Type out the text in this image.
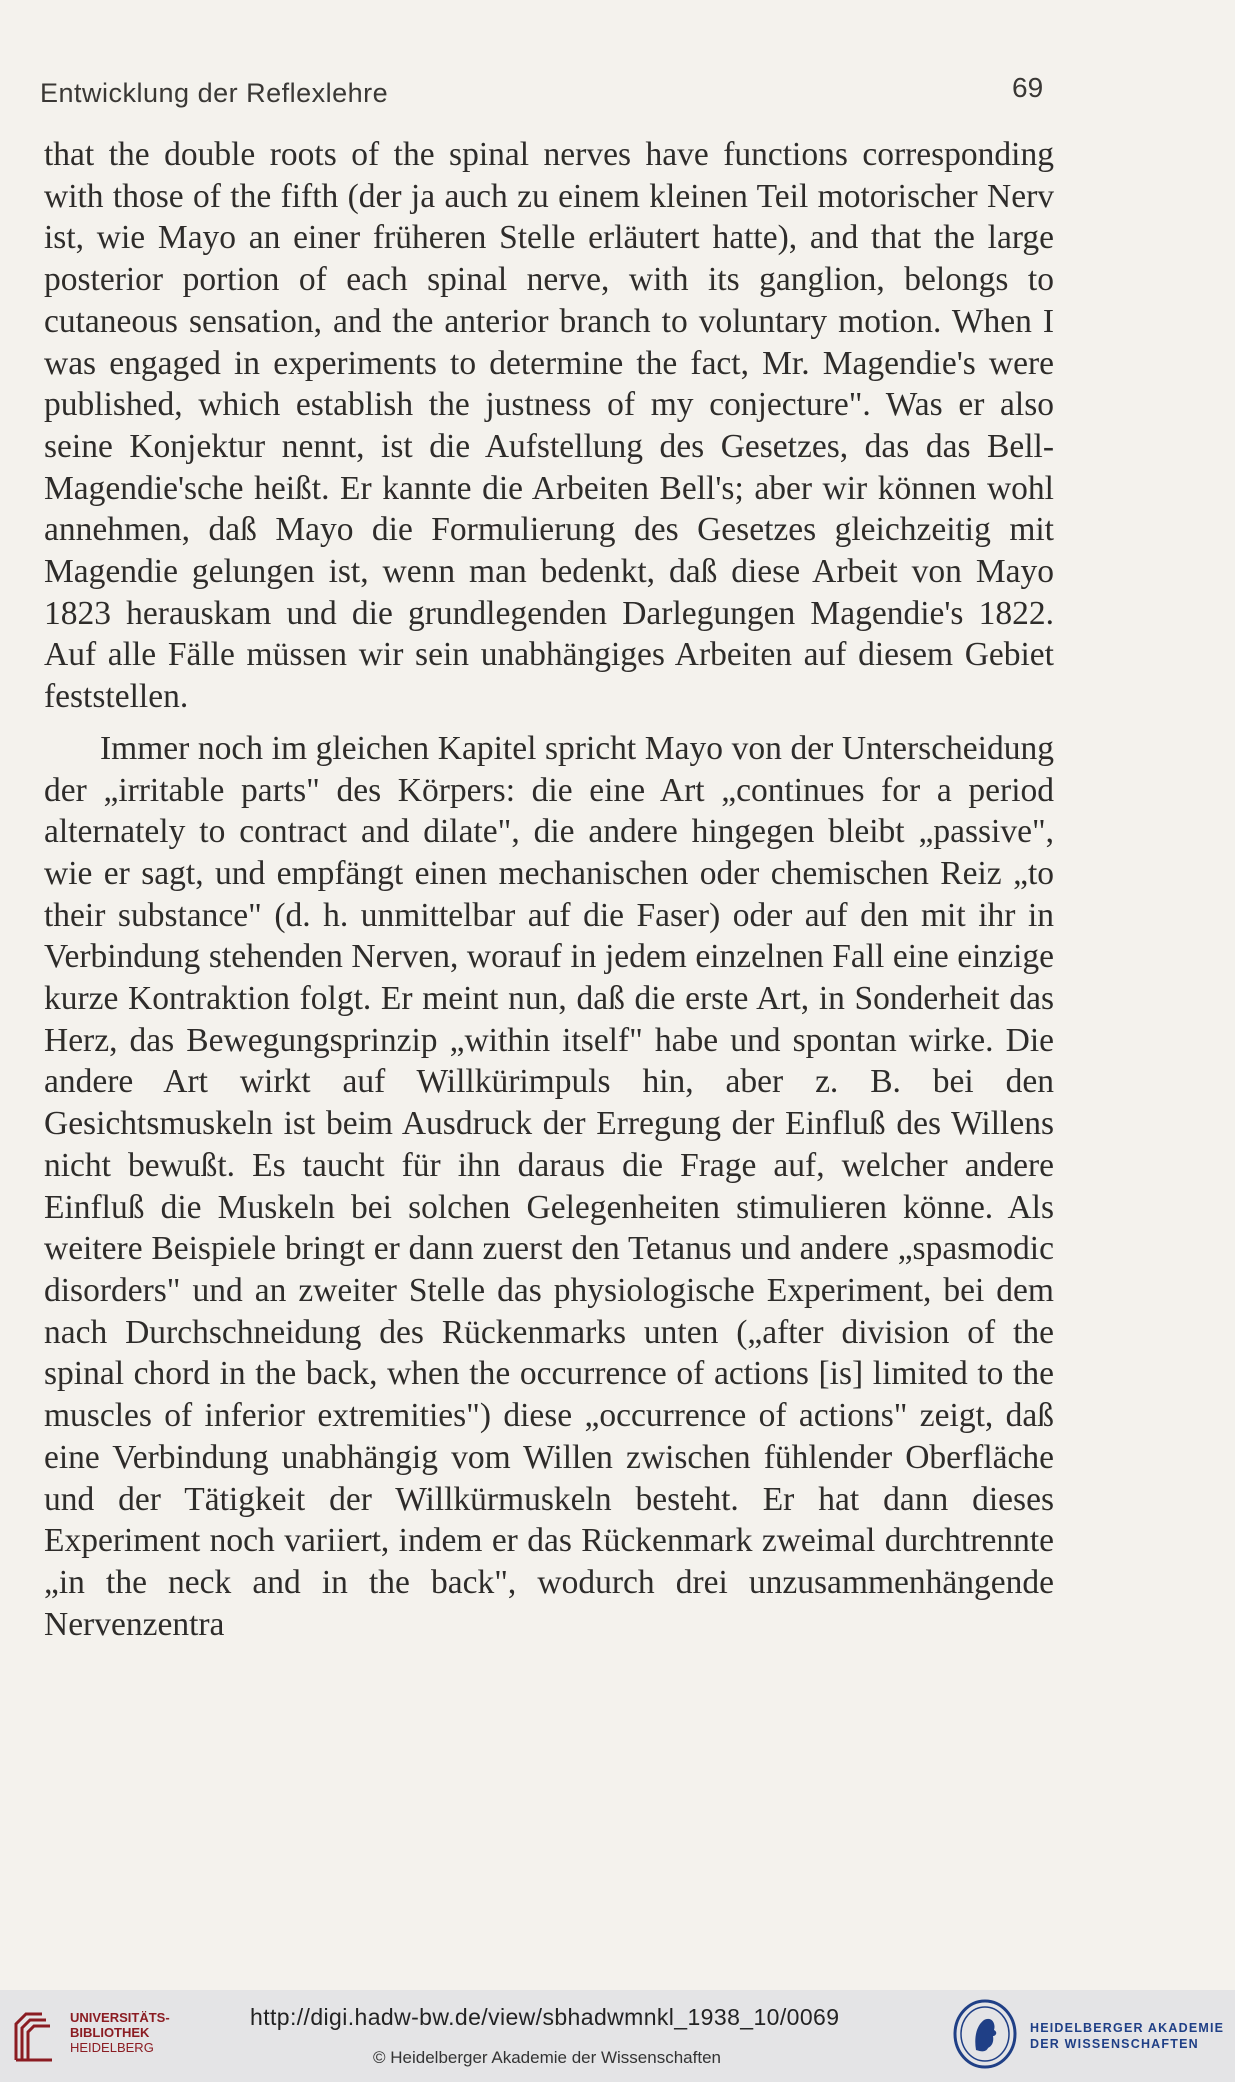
Entwicklung der Reflexlehre	69

that the double roots of the spinal nerves have functions corresponding with those of the fifth (der ja auch zu einem kleinen Teil motorischer Nerv ist, wie Mayo an einer früheren Stelle erläutert hatte), and that the large posterior portion of each spinal nerve, with its ganglion, belongs to cutaneous sensation, and the anterior branch to voluntary motion. When I was engaged in experiments to determine the fact, Mr. Magendie's were published, which establish the justness of my conjecture". Was er also seine Konjektur nennt, ist die Aufstellung des Gesetzes, das das Bell-Magendie'sche heißt. Er kannte die Arbeiten Bell's; aber wir können wohl annehmen, daß Mayo die Formulierung des Gesetzes gleichzeitig mit Magendie gelungen ist, wenn man bedenkt, daß diese Arbeit von Mayo 1823 herauskam und die grundlegenden Darlegungen Magendie's 1822. Auf alle Fälle müssen wir sein unabhängiges Arbeiten auf diesem Gebiet feststellen.

Immer noch im gleichen Kapitel spricht Mayo von der Unterscheidung der „irritable parts" des Körpers: die eine Art „continues for a period alternately to contract and dilate", die andere hingegen bleibt „passive", wie er sagt, und empfängt einen mechanischen oder chemischen Reiz „to their substance" (d. h. unmittelbar auf die Faser) oder auf den mit ihr in Verbindung stehenden Nerven, worauf in jedem einzelnen Fall eine einzige kurze Kontraktion folgt. Er meint nun, daß die erste Art, in Sonderheit das Herz, das Bewegungsprinzip „within itself" habe und spontan wirke. Die andere Art wirkt auf Willkürimpuls hin, aber z. B. bei den Gesichtsmuskeln ist beim Ausdruck der Erregung der Einfluß des Willens nicht bewußt. Es taucht für ihn daraus die Frage auf, welcher andere Einfluß die Muskeln bei solchen Gelegenheiten stimulieren könne. Als weitere Beispiele bringt er dann zuerst den Tetanus und andere „spasmodic disorders" und an zweiter Stelle das physiologische Experiment, bei dem nach Durchschneidung des Rückenmarks unten („after division of the spinal chord in the back, when the occurrence of actions [is] limited to the muscles of inferior extremities") diese „occurrence of actions" zeigt, daß eine Verbindung unabhängig vom Willen zwischen fühlender Oberfläche und der Tätigkeit der Willkürmuskeln besteht. Er hat dann dieses Experiment noch variiert, indem er das Rückenmark zweimal durchtrennte „in the neck and in the back", wodurch drei unzusammenhängende Nervenzentra

UNIVERSITÄTS-
BIBLIOTHEK
HEIDELBERG
http://digi.hadw-bw.de/view/sbhadwmnkl_1938_10/0069
© Heidelberger Akademie der Wissenschaften
HEIDELBERGER AKADEMIE
DER WISSENSCHAFTEN
